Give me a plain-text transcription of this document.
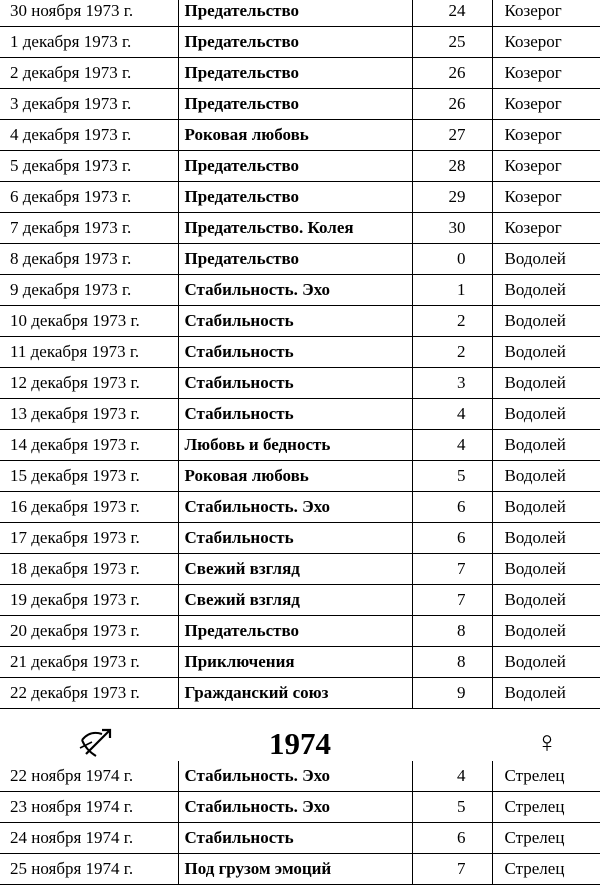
30 ноября 1973 г.	Предательство	24	Козерог
1 декабря 1973 г.	Предательство	25	Козерог
2 декабря 1973 г.	Предательство	26	Козерог
3 декабря 1973 г.	Предательство	26	Козерог
4 декабря 1973 г.	Роковая любовь	27	Козерог
5 декабря 1973 г.	Предательство	28	Козерог
6 декабря 1973 г.	Предательство	29	Козерог
7 декабря 1973 г.	Предательство. Колея	30	Козерог
8 декабря 1973 г.	Предательство	0	Водолей
9 декабря 1973 г.	Стабильность. Эхо	1	Водолей
10 декабря 1973 г.	Стабильность	2	Водолей
11 декабря 1973 г.	Стабильность	2	Водолей
12 декабря 1973 г.	Стабильность	3	Водолей
13 декабря 1973 г.	Стабильность	4	Водолей
14 декабря 1973 г.	Любовь и бедность	4	Водолей
15 декабря 1973 г.	Роковая любовь	5	Водолей
16 декабря 1973 г.	Стабильность. Эхо	6	Водолей
17 декабря 1973 г.	Стабильность	6	Водолей
18 декабря 1973 г.	Свежий взгляд	7	Водолей
19 декабря 1973 г.	Свежий взгляд	7	Водолей
20 декабря 1973 г.	Предательство	8	Водолей
21 декабря 1973 г.	Приключения	8	Водолей
22 декабря 1973 г.	Гражданский союз	9	Водолей
1974	♀
22 ноября 1974 г.	Стабильность. Эхо	4	Стрелец
23 ноября 1974 г.	Стабильность. Эхо	5	Стрелец
24 ноября 1974 г.	Стабильность	6	Стрелец
25 ноября 1974 г.	Под грузом эмоций	7	Стрелец
